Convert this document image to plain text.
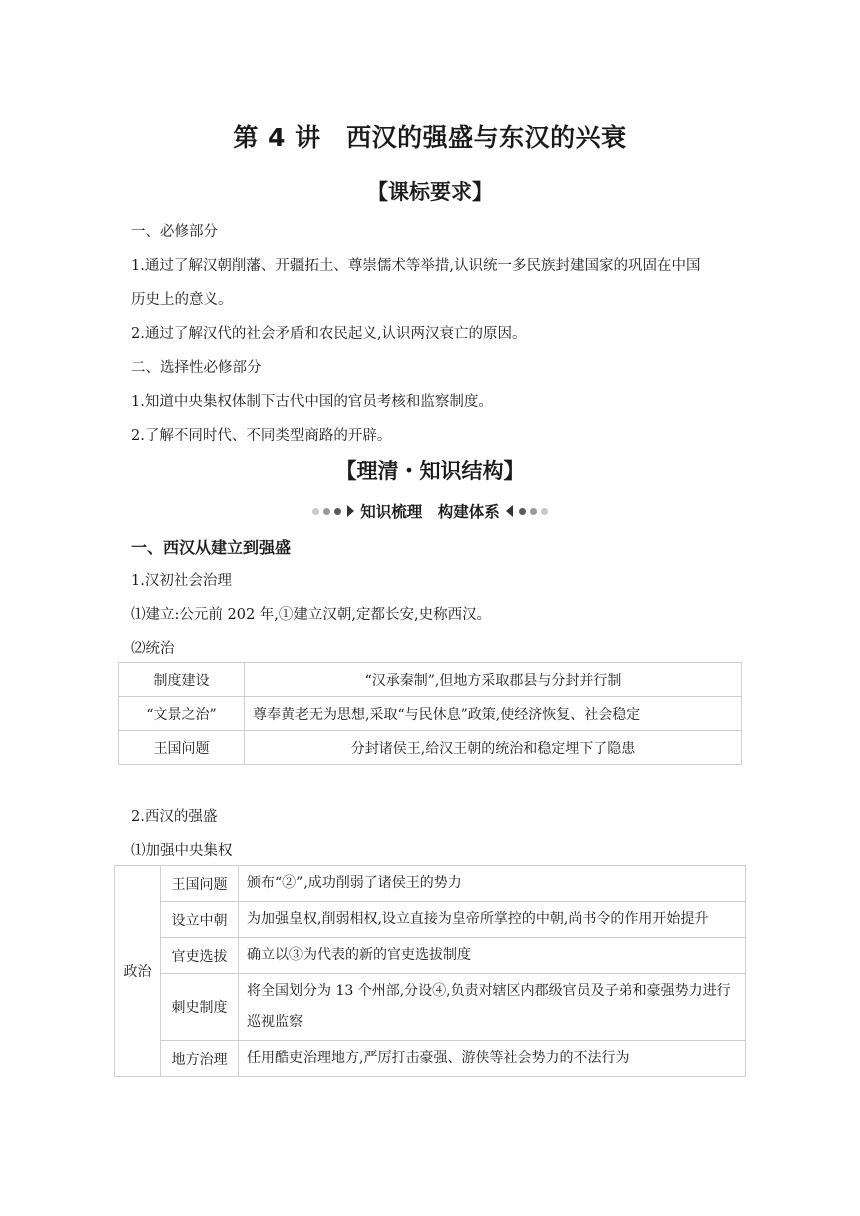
第 4 讲　西汉的强盛与东汉的兴衰
【课标要求】
一、必修部分
1.通过了解汉朝削藩、开疆拓土、尊崇儒术等举措,认识统一多民族封建国家的巩固在中国
历史上的意义。
2.通过了解汉代的社会矛盾和农民起义,认识两汉衰亡的原因。
二、选择性必修部分
1.知道中央集权体制下古代中国的官员考核和监察制度。
2.了解不同时代、不同类型商路的开辟。
【理清・知识结构】
知识梳理　构建体系
一、西汉从建立到强盛
1.汉初社会治理
⑴建立:公元前 202 年,①建立汉朝,定都长安,史称西汉。
⑵统治
制度建设	“汉承秦制”,但地方采取郡县与分封并行制
“文景之治”	尊奉黄老无为思想,采取“与民休息”政策,使经济恢复、社会稳定
王国问题	分封诸侯王,给汉王朝的统治和稳定埋下了隐患
2.西汉的强盛
⑴加强中央集权
政治	王国问题	颁布“②”,成功削弱了诸侯王的势力
	设立中朝	为加强皇权,削弱相权,设立直接为皇帝所掌控的中朝,尚书令的作用开始提升
	官吏选拔	确立以③为代表的新的官吏选拔制度
	刺史制度	将全国划分为 13 个州部,分设④,负责对辖区内郡级官员及子弟和豪强势力进行巡视监察
	地方治理	任用酷吏治理地方,严厉打击豪强、游侠等社会势力的不法行为
